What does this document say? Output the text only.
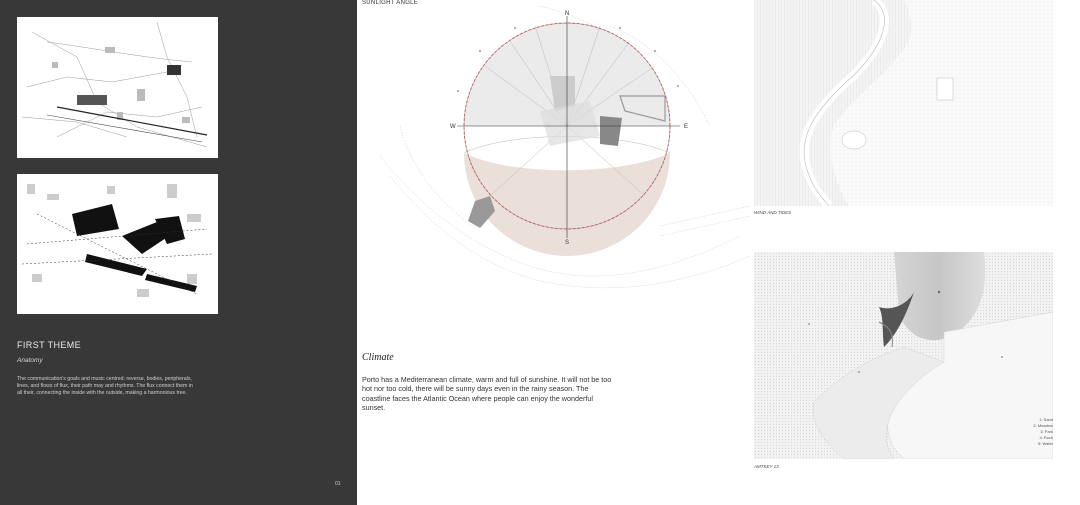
FIRST THEME
Anatomy
The communication's goals and music centred: reverse, bodies, peripherals, lines, and flows of flux, their path may and rhythms. The flux connect them in all their, connecting the inside with the outside, making a harmonious tree.
01
SUNLIGHT ANGLE
N
S
E
W
Climate
Porto has a Mediterranean climate, warm and full of sunshine. It will not be too hot nor too cold, there will be sunny days even in the rainy season. The coastline faces the Atlantic Ocean where people can enjoy the wonderful sunset.
WIND AND TIDES
AMTKEY-13
1: Sand
2: Meadow
3: Park
4: Rock
5: Water
